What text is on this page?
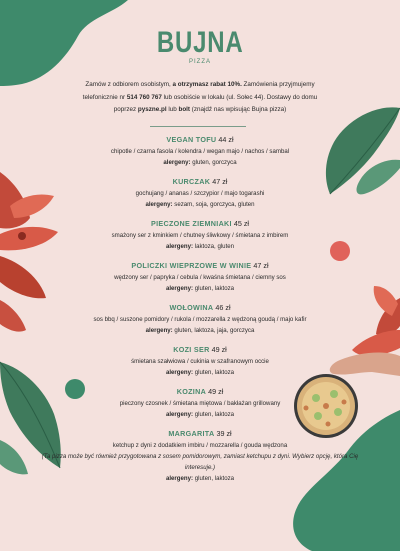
BUJNA
PIZZA
Zamów z odbiorem osobistym, a otrzymasz rabat 10%. Zamówienia przyjmujemy telefonicznie nr 514 760 767 lub osobiście w lokalu (ul. Sołec 44). Dostawy do domu poprzez pyszne.pl lub bolt (znajdź nas wpisując Bujna pizza)
VEGAN TOFU 44 zł
chipotle / czarna fasola / kolendra / wegan majo / nachos / sambal
alergeny: gluten, gorczyca
KURCZAK 47 zł
gochujang / ananas / szczypior / majo togarashi
alergeny: sezam, soja, gorczyca, gluten
PIECZONE ZIEMNIAKI 45 zł
smażony ser z kminkiem / chutney śliwkowy / śmietana z imbirem
alergeny: laktoza, gluten
POLICZKI WIEPRZOWE W WINIE 47 zł
wędzony ser / papryka / cebula / kwaśna śmietana / ciemny sos
alergeny: gluten, laktoza
WOŁOWINA 46 zł
sos bbq / suszone pomidory / rukola / mozzarella z wędzoną goudą / majo kafir
alergeny: gluten, laktoza, jaja, gorczyca
KOZI SER 49 zł
śmietana szałwiowa / cukinia w szafranowym occie
alergeny: gluten, laktoza
KOZINA 49 zł
pieczony czosnek / śmietana miętowa / bakłażan grillowany
alergeny: gluten, laktoza
MARGARITA 39 zł
ketchup z dyni z dodatkiem imbiru / mozzarella / gouda wędzona
(Ta pizza może być również przygotowana z sosem pomidorowym, zamiast ketchupu z dyni. Wybierz opcję, która Cię interesuje.)
alergeny: gluten, laktoza
